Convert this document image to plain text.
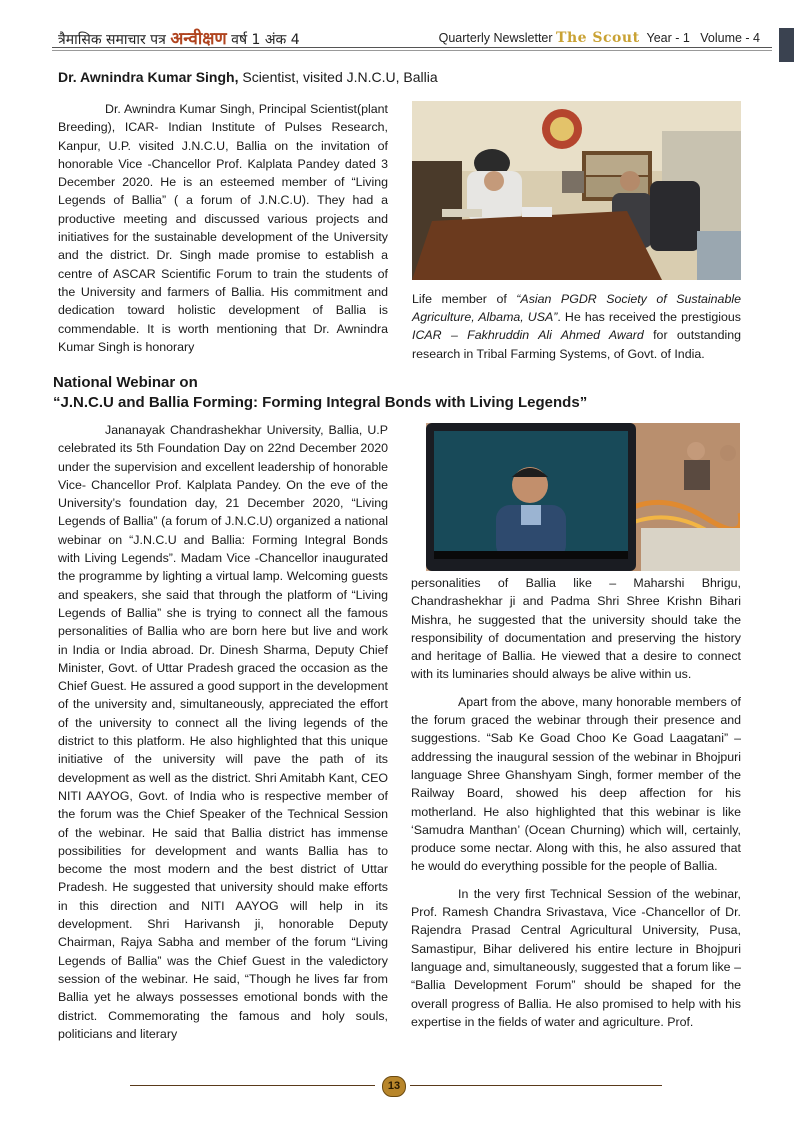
त्रैमासिक समाचार पत्र अन्वीक्षण वर्ष 1 अंक 4	Quarterly Newsletter The Scout Year - 1   Volume - 4
Dr. Awnindra Kumar Singh, Scientist, visited J.N.C.U, Ballia

Dr. Awnindra Kumar Singh, Principal Scientist(plant Breeding), ICAR- Indian Institute of Pulses Research, Kanpur, U.P. visited J.N.C.U, Ballia on the invitation of honorable Vice -Chancellor Prof. Kalplata Pandey dated 3 December 2020. He is an esteemed member of “Living Legends of Ballia” ( a forum of J.N.C.U). They had a productive meeting and discussed various projects and initiatives for the sustainable development of the University and the district. Dr. Singh made promise to establish a centre of ASCAR Scientific Forum to train the students of the University and farmers of Ballia. His commitment and dedication toward holistic development of Ballia is commendable. It is worth mentioning that Dr. Awnindra Kumar Singh is honorary

Life member of “Asian PGDR Society of Sustainable Agriculture, Albama, USA”. He has received the prestigious ICAR – Fakhruddin Ali Ahmed Award for outstanding research in Tribal Farming Systems, of Govt. of India.
National Webinar on
“J.N.C.U and Ballia Forming: Forming Integral Bonds with Living Legends”

Jananayak Chandrashekhar University, Ballia, U.P celebrated its 5th Foundation Day on 22nd December 2020 under the supervision and excellent leadership of honorable Vice- Chancellor Prof. Kalplata Pandey. On the eve of the University’s foundation day, 21 December 2020, “Living Legends of Ballia” (a forum of J.N.C.U) organized a national webinar on “J.N.C.U and Ballia: Forming Integral Bonds with Living Legends”. Madam Vice -Chancellor inaugurated the programme by lighting a virtual lamp. Welcoming guests and speakers, she said that through the platform of “Living Legends of Ballia” she is trying to connect all the famous personalities of Ballia who are born here but live and work in India or India abroad. Dr. Dinesh Sharma, Deputy Chief Minister, Govt. of Uttar Pradesh graced the occasion as the Chief Guest. He assured a good support in the development of the university and, simultaneously, appreciated the effort of the university to connect all the living legends of the district to this platform. He also highlighted that this unique initiative of the university will pave the path of its development as well as the district. Shri Amitabh Kant, CEO NITI AAYOG, Govt. of India who is respective member of the forum was the Chief Speaker of the Technical Session of the webinar. He said that Ballia district has immense possibilities for development and wants Ballia has to become the most modern and the best district of Uttar Pradesh. He suggested that university should make efforts in this direction and NITI AAYOG will help in its development. Shri Harivansh ji, honorable Deputy Chairman, Rajya Sabha and member of the forum “Living Legends of Ballia” was the Chief Guest in the valedictory session of the webinar. He said, “Though he lives far from Ballia yet he always possesses emotional bonds with the district. Commemorating the famous and holy souls, politicians and literary

personalities of Ballia like – Maharshi Bhrigu, Chandrashekhar ji and Padma Shri Shree Krishn Bihari Mishra, he suggested that the university should take the responsibility of documentation and preserving the history and heritage of Ballia. He viewed that a desire to connect with its luminaries should always be alive within us.

Apart from the above, many honorable members of the forum graced the webinar through their presence and suggestions. “Sab Ke Goad Choo Ke Goad Laagatani” – addressing the inaugural session of the webinar in Bhojpuri language Shree Ghanshyam Singh, former member of the Railway Board, showed his deep affection for his motherland. He also highlighted that this webinar is like ‘Samudra Manthan’ (Ocean Churning) which will, certainly, produce some nectar. Along with this, he also assured that he would do everything possible for the people of Ballia.

In the very first Technical Session of the webinar, Prof. Ramesh Chandra Srivastava, Vice -Chancellor of Dr. Rajendra Prasad Central Agricultural University, Pusa, Samastipur, Bihar delivered his entire lecture in Bhojpuri language and, simultaneously, suggested that a forum like – “Ballia Development Forum” should be shaped for the overall progress of Ballia. He also promised to help with his expertise in the fields of water and agriculture. Prof.

13
